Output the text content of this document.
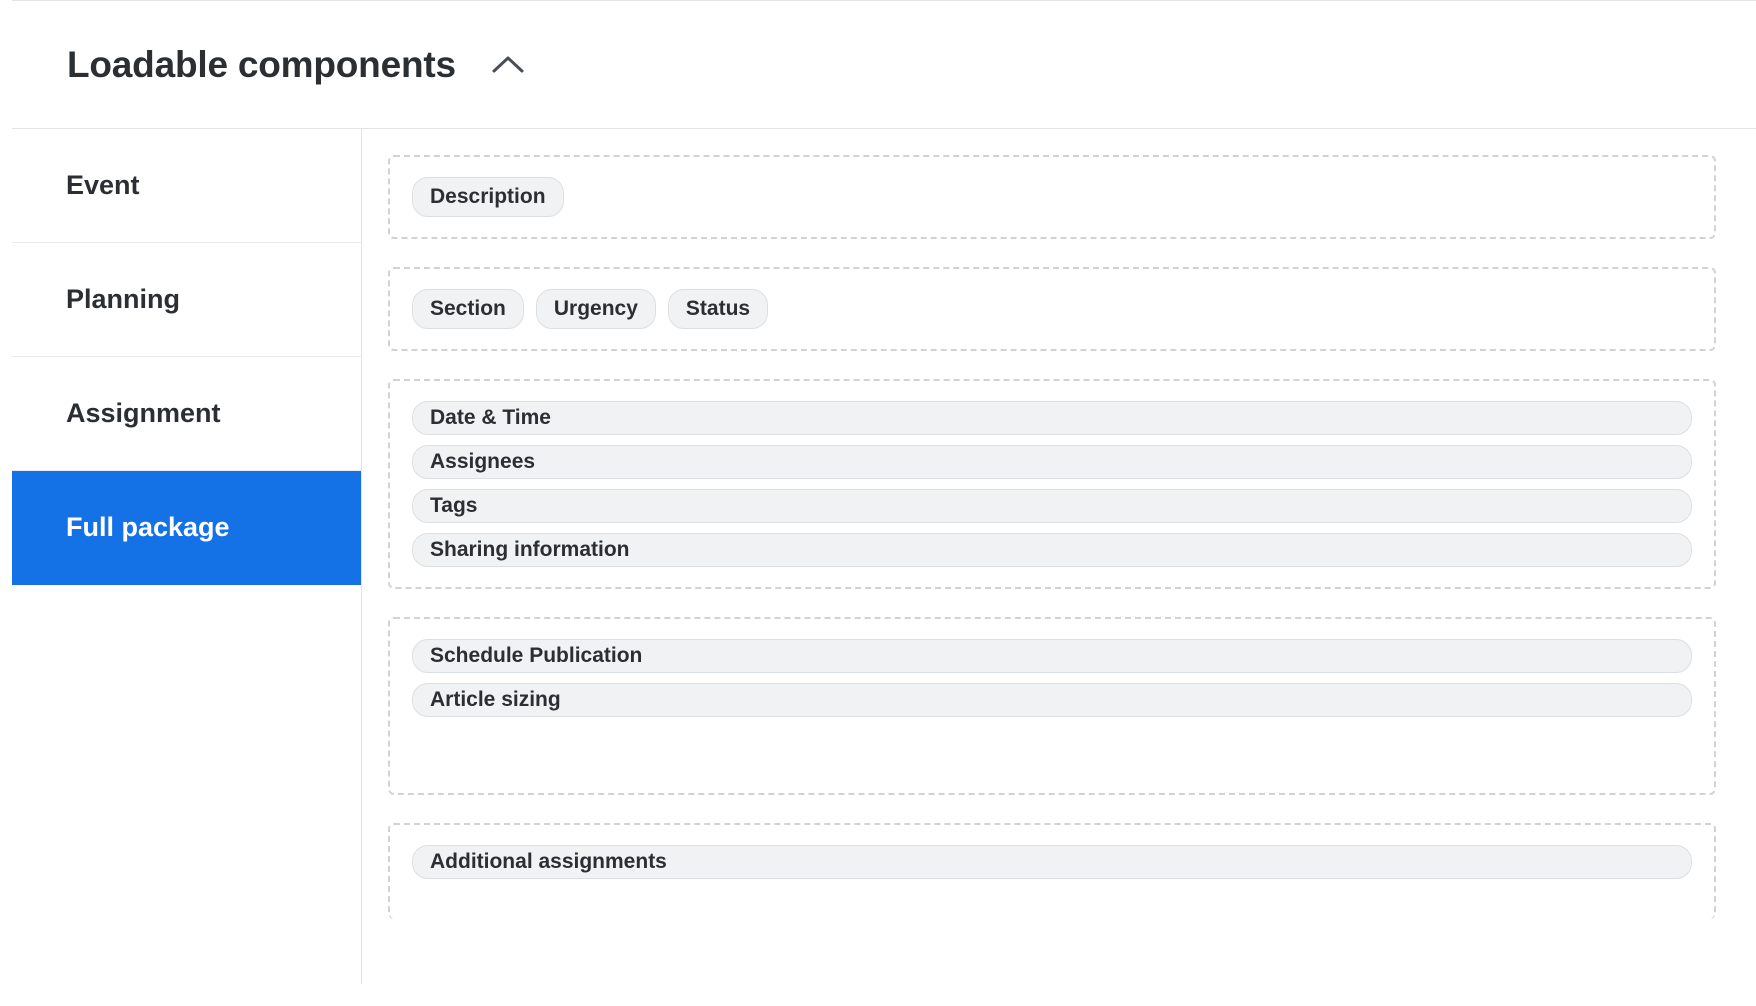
Loadable components
Event
Planning
Assignment
Full package
Description
Section Urgency Status
Date & Time
Assignees
Tags
Sharing information
Schedule Publication
Article sizing
Additional assignments
